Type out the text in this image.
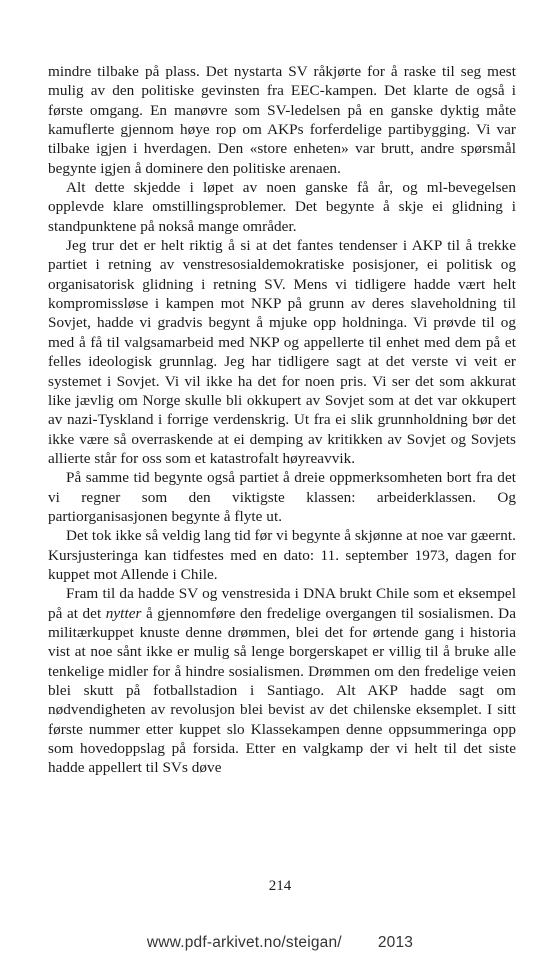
mindre tilbake på plass. Det nystarta SV råkjørte for å raske til seg mest mulig av den politiske gevinsten fra EEC-kampen. Det klarte de også i første omgang. En manøvre som SV-ledelsen på en ganske dyktig måte kamuflerte gjennom høye rop om AKPs forferdelige partibygging. Vi var tilbake igjen i hverdagen. Den «store enheten» var brutt, andre spørsmål begynte igjen å dominere den politiske arenaen.

Alt dette skjedde i løpet av noen ganske få år, og ml-bevegelsen opplevde klare omstillingsproblemer. Det begynte å skje ei glidning i standpunktene på nokså mange områder.

Jeg trur det er helt riktig å si at det fantes tendenser i AKP til å trekke partiet i retning av venstresosialdemokratiske posisjoner, ei politisk og organisatorisk glidning i retning SV. Mens vi tidligere hadde vært helt kompromissløse i kampen mot NKP på grunn av deres slaveholdning til Sovjet, hadde vi gradvis begynt å mjuke opp holdninga. Vi prøvde til og med å få til valgsamarbeid med NKP og appellerte til enhet med dem på et felles ideologisk grunnlag. Jeg har tidligere sagt at det verste vi veit er systemet i Sovjet. Vi vil ikke ha det for noen pris. Vi ser det som akkurat like jævlig om Norge skulle bli okkupert av Sovjet som at det var okkupert av nazi-Tyskland i forrige verdenskrig. Ut fra ei slik grunnholdning bør det ikke være så overraskende at ei demping av kritikken av Sovjet og Sovjets allierte står for oss som et katastrofalt høyreavvik.

På samme tid begynte også partiet å dreie oppmerksomheten bort fra det vi regner som den viktigste klassen: arbeiderklassen. Og partiorganisasjonen begynte å flyte ut.

Det tok ikke så veldig lang tid før vi begynte å skjønne at noe var gæernt. Kursjusteringa kan tidfestes med en dato: 11. september 1973, dagen for kuppet mot Allende i Chile.

Fram til da hadde SV og venstresida i DNA brukt Chile som et eksempel på at det nytter å gjennomføre den fredelige overgangen til sosialismen. Da militærkuppet knuste denne drømmen, blei det for ørtende gang i historia vist at noe sånt ikke er mulig så lenge borgerskapet er villig til å bruke alle tenkelige midler for å hindre sosialismen. Drømmen om den fredelige veien blei skutt på fotballstadion i Santiago. Alt AKP hadde sagt om nødvendigheten av revolusjon blei bevist av det chilenske eksemplet. I sitt første nummer etter kuppet slo Klassekampen denne oppsummeringa opp som hovedoppslag på forsida. Etter en valgkamp der vi helt til det siste hadde appellert til SVs døve

214
www.pdf-arkivet.no/steigan/ 2013
